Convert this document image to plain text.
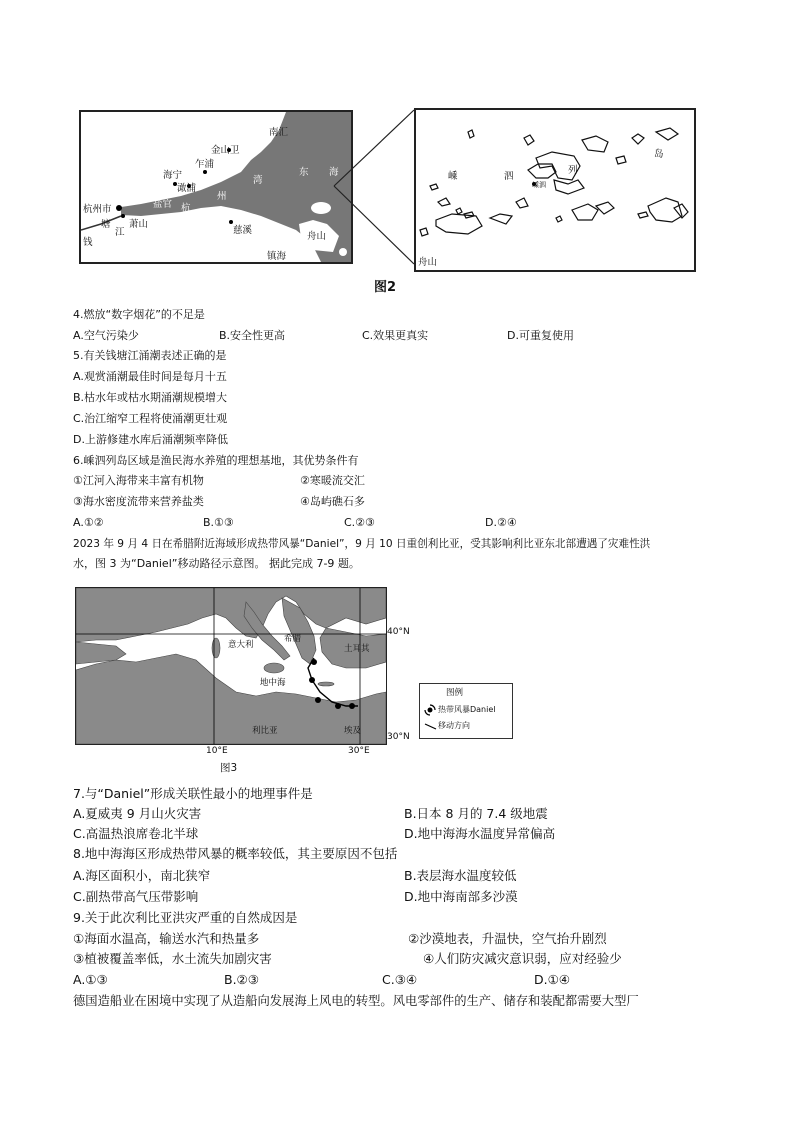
南汇
金山卫
海宁
乍浦
澉浦
盐官
杭州市
萧山
钱
塘
江
杭
州
湾
东 海
慈溪
镇海
舟山
嵊	泗
列
岛
嵊泗
舟山
图2
4.燃放“数字烟花”的不足是
A.空气污染少	B.安全性更高	C.效果更真实	D.可重复使用
5.有关钱塘江涌潮表述正确的是
A.观赏涌潮最佳时间是每月十五
B.枯水年或枯水期涌潮规模增大
C.治江缩窄工程将使涌潮更壮观
D.上游修建水库后涌潮频率降低
6.嵊泗列岛区域是渔民海水养殖的理想基地，其优势条件有
①江河入海带来丰富有机物	②寒暖流交汇
③海水密度流带来营养盐类	④岛屿礁石多
A.①②	B.①③	C.②③	D.②④
2023 年 9 月 4 日在希腊附近海域形成热带风暴“Daniel”，9 月 10 日重创利比亚，受其影响利比亚东北部遭遇了灾难性洪
水，图 3 为“Daniel”移动路径示意图。 据此完成 7-9 题。
意大利
希腊
土耳其
地中海
利比亚	埃及
40°N
30°N
10°E	30°E
图例
热带风暴Daniel
移动方向
图3
7.与“Daniel”形成关联性最小的地理事件是
A.夏威夷 9 月山火灾害	B.日本 8 月的 7.4 级地震
C.高温热浪席卷北半球	D.地中海海水温度异常偏高
8.地中海海区形成热带风暴的概率较低，其主要原因不包括
A.海区面积小，南北狭窄	B.表层海水温度较低
C.副热带高气压带影响	D.地中海南部多沙漠
9.关于此次利比亚洪灾严重的自然成因是
①海面水温高，输送水汽和热量多	②沙漠地表，升温快，空气抬升剧烈
③植被覆盖率低，水土流失加剧灾害	④人们防灾减灾意识弱，应对经验少
A.①③	B.②③	C.③④	D.①④
德国造船业在困境中实现了从造船向发展海上风电的转型。风电零部件的生产、储存和装配都需要大型厂
